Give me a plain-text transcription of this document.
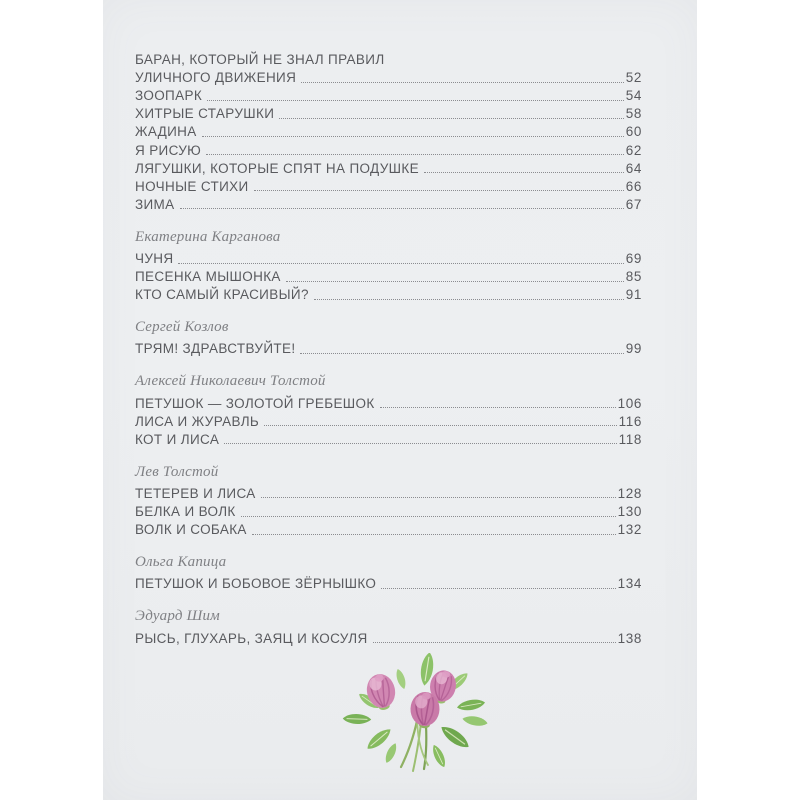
БАРАН, КОТОРЫЙ НЕ ЗНАЛ ПРАВИЛ
УЛИЧНОГО ДВИЖЕНИЯ	52
ЗООПАРК	54
ХИТРЫЕ СТАРУШКИ	58
ЖАДИНА	60
Я РИСУЮ	62
ЛЯГУШКИ, КОТОРЫЕ СПЯТ НА ПОДУШКЕ	64
НОЧНЫЕ СТИХИ	66
ЗИМА	67
Екатерина Карганова
ЧУНЯ	69
ПЕСЕНКА МЫШОНКА	85
КТО САМЫЙ КРАСИВЫЙ?	91
Сергей Козлов
ТРЯМ! ЗДРАВСТВУЙТЕ!	99
Алексей Николаевич Толстой
ПЕТУШОК — ЗОЛОТОЙ ГРЕБЕШОК	106
ЛИСА И ЖУРАВЛЬ	116
КОТ И ЛИСА	118
Лев Толстой
ТЕТЕРЕВ И ЛИСА	128
БЕЛКА И ВОЛК	130
ВОЛК И СОБАКА	132
Ольга Капица
ПЕТУШОК И БОБОВОЕ ЗЁРНЫШКО	134
Эдуард Шим
РЫСЬ, ГЛУХАРЬ, ЗАЯЦ И КОСУЛЯ	138
